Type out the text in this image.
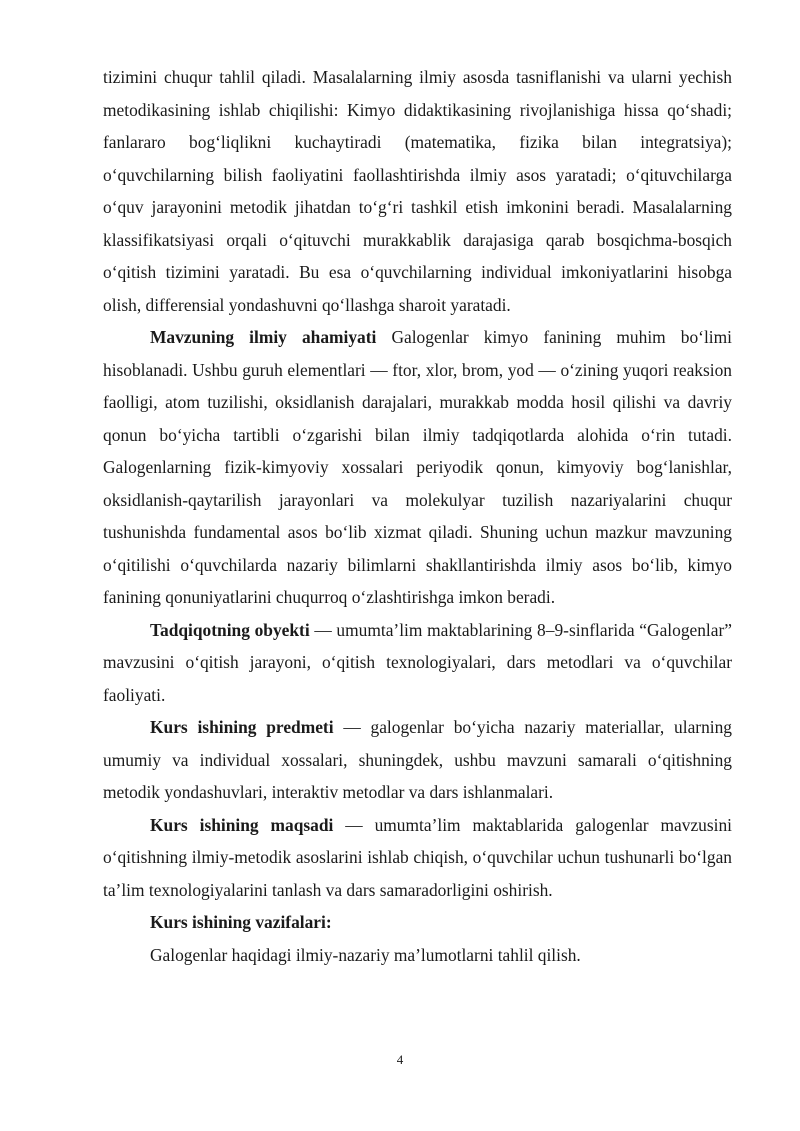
tizimini chuqur tahlil qiladi. Masalalarning ilmiy asosda tasniflanishi va ularni yechish metodikasining ishlab chiqilishi: Kimyo didaktikasining rivojlanishiga hissa qo‘shadi; fanlararo bog‘liqlikni kuchaytiradi (matematika, fizika bilan integratsiya); o‘quvchilarning bilish faoliyatini faollashtirishda ilmiy asos yaratadi; o‘qituvchilarga o‘quv jarayonini metodik jihatdan to‘g‘ri tashkil etish imkonini beradi. Masalalarning klassifikatsiyasi orqali o‘qituvchi murakkablik darajasiga qarab bosqichma-bosqich o‘qitish tizimini yaratadi. Bu esa o‘quvchilarning individual imkoniyatlarini hisobga olish, differensial yondashuvni qo‘llashga sharoit yaratadi.

Mavzuning ilmiy ahamiyati Galogenlar kimyo fanining muhim bo‘limi hisoblanadi. Ushbu guruh elementlari — ftor, xlor, brom, yod — o‘zining yuqori reaksion faolligi, atom tuzilishi, oksidlanish darajalari, murakkab modda hosil qilishi va davriy qonun bo‘yicha tartibli o‘zgarishi bilan ilmiy tadqiqotlarda alohida o‘rin tutadi. Galogenlarning fizik-kimyoviy xossalari periyodik qonun, kimyoviy bog‘lanishlar, oksidlanish-qaytarilish jarayonlari va molekulyar tuzilish nazariyalarini chuqur tushunishda fundamental asos bo‘lib xizmat qiladi. Shuning uchun mazkur mavzuning o‘qitilishi o‘quvchilarda nazariy bilimlarni shakllantirishda ilmiy asos bo‘lib, kimyo fanining qonuniyatlarini chuqurroq o‘zlashtirishga imkon beradi.

Tadqiqotning obyekti — umumta’lim maktablarining 8–9-sinflarida “Galogenlar” mavzusini o‘qitish jarayoni, o‘qitish texnologiyalari, dars metodlari va o‘quvchilar faoliyati.

Kurs ishining predmeti — galogenlar bo‘yicha nazariy materiallar, ularning umumiy va individual xossalari, shuningdek, ushbu mavzuni samarali o‘qitishning metodik yondashuvlari, interaktiv metodlar va dars ishlanmalari.

Kurs ishining maqsadi — umumta’lim maktablarida galogenlar mavzusini o‘qitishning ilmiy-metodik asoslarini ishlab chiqish, o‘quvchilar uchun tushunarli bo‘lgan ta’lim texnologiyalarini tanlash va dars samaradorligini oshirish.

Kurs ishining vazifalari:

Galogenlar haqidagi ilmiy-nazariy ma’lumotlarni tahlil qilish.

4
